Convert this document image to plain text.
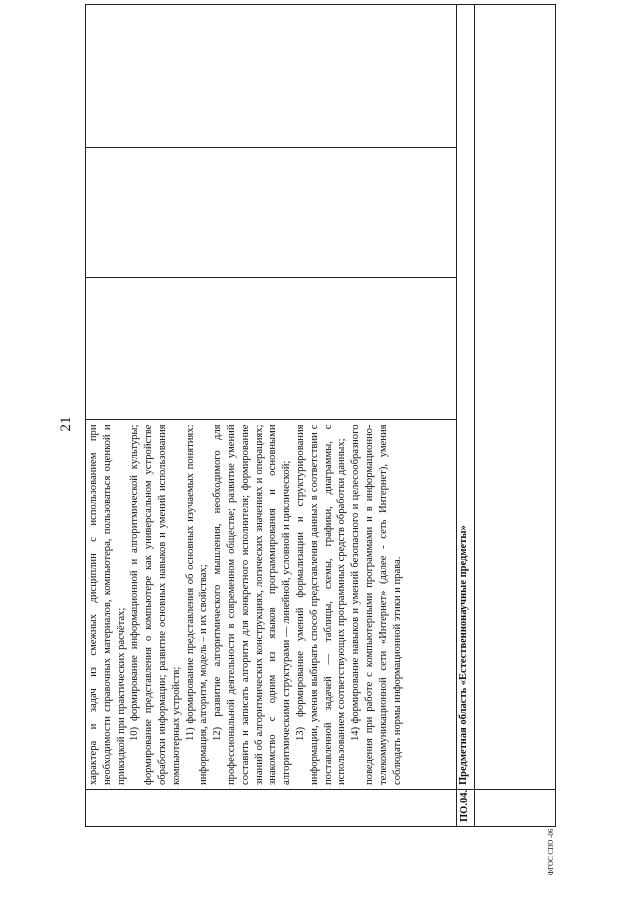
21

характера и задач из смежных дисциплин с использованием при необходимости справочных материалов, компьютера, пользоваться оценкой и прикидкой при практических расчётах; 10) формирование информационной и алгоритмической культуры; формирование представления о компьютере как универсальном устройстве обработки информации; развитие основных навыков и умений использования компьютерных устройств; 11) формирование представления об основных изучаемых понятиях: информация, алгоритм, модель – и их свойствах; 12) развитие алгоритмического мышления, необходимого для профессиональной деятельности в современном обществе; развитие умений составить и записать алгоритм для конкретного исполнителя; формирование знаний об алгоритмических конструкциях, логических значениях и операциях; знакомство с одним из языков программирования и основными алгоритмическими структурами — линейной, условной и циклической; 13) формирование умений формализации и структурирования информации, умения выбирать способ представления данных в соответствии с поставленной задачей — таблицы, схемы, графики, диаграммы, с использованием соответствующих программных средств обработки данных; 14) формирование навыков и умений безопасного и целесообразного поведения при работе с компьютерными программами и в информационно-телекоммуникационной сети «Интернет» (далее - сеть Интернет), умения соблюдать нормы информационной этики и права.

ПО.04.	Предметная область «Естественнонаучные предметы»

ФГОС СПО -06
